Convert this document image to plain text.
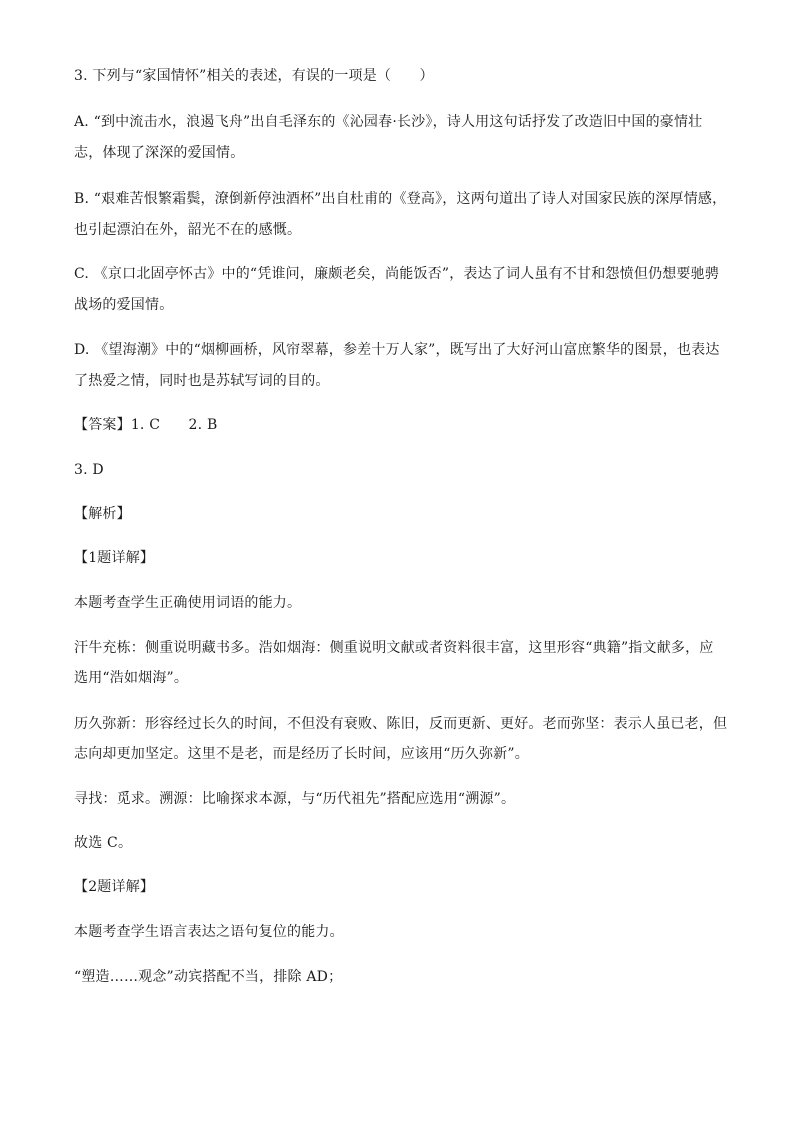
3. 下列与“家国情怀”相关的表述，有误的一项是（　　）
A. “到中流击水，浪遏飞舟”出自毛泽东的《沁园春·长沙》，诗人用这句话抒发了改造旧中国的豪情壮
志，体现了深深的爱国情。
B. “艰难苦恨繁霜鬓，潦倒新停浊酒杯”出自杜甫的《登高》，这两句道出了诗人对国家民族的深厚情感，
也引起漂泊在外，韶光不在的感慨。
C. 《京口北固亭怀古》中的“凭谁问，廉颇老矣，尚能饭否”，表达了词人虽有不甘和怨愤但仍想要驰骋
战场的爱国情。
D. 《望海潮》中的“烟柳画桥，风帘翠幕，参差十万人家”，既写出了大好河山富庶繁华的图景，也表达
了热爱之情，同时也是苏轼写词的目的。
【答案】1. C　　2. B
3. D
【解析】
【1题详解】
本题考查学生正确使用词语的能力。
汗牛充栋：侧重说明藏书多。浩如烟海：侧重说明文献或者资料很丰富，这里形容“典籍”指文献多，应
选用“浩如烟海”。
历久弥新：形容经过长久的时间，不但没有衰败、陈旧，反而更新、更好。老而弥坚：表示人虽已老，但
志向却更加坚定。这里不是老，而是经历了长时间，应该用“历久弥新”。
寻找：觅求。溯源：比喻探求本源，与“历代祖先”搭配应选用“溯源”。
故选 C。
【2题详解】
本题考查学生语言表达之语句复位的能力。
“塑造……观念”动宾搭配不当，排除 AD；
